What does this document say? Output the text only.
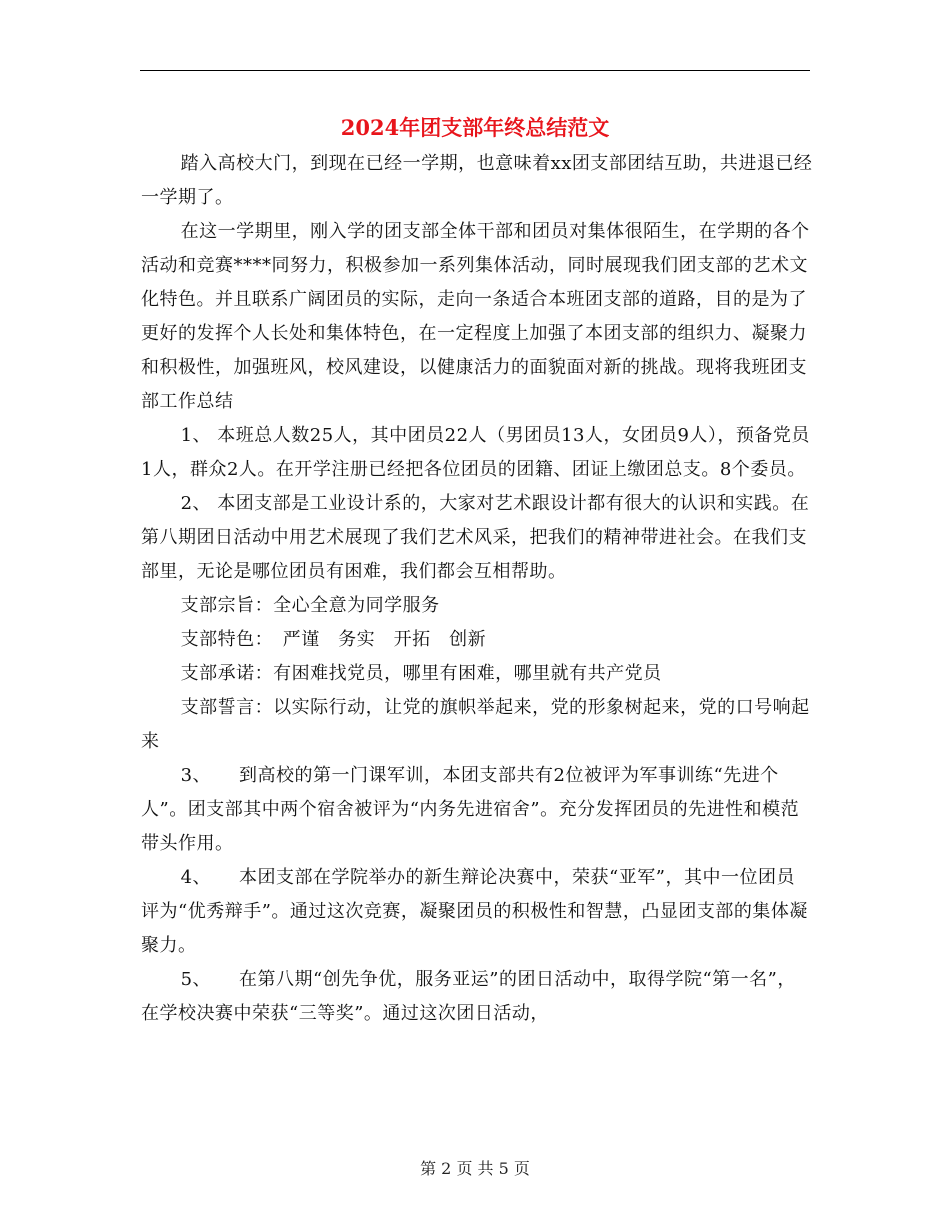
2024年团支部年终总结范文

踏入高校大门，到现在已经一学期，也意味着xx团支部团结互助，共进退已经一学期了。

在这一学期里，刚入学的团支部全体干部和团员对集体很陌生，在学期的各个活动和竞赛****同努力，积极参加一系列集体活动，同时展现我们团支部的艺术文化特色。并且联系广阔团员的实际，走向一条适合本班团支部的道路，目的是为了更好的发挥个人长处和集体特色，在一定程度上加强了本团支部的组织力、凝聚力和积极性，加强班风，校风建设，以健康活力的面貌面对新的挑战。现将我班团支部工作总结

1、 本班总人数25人，其中团员22人（男团员13人，女团员9人），预备党员1人，群众2人。在开学注册已经把各位团员的团籍、团证上缴团总支。8个委员。

2、 本团支部是工业设计系的，大家对艺术跟设计都有很大的认识和实践。在第八期团日活动中用艺术展现了我们艺术风采，把我们的精神带进社会。在我们支部里，无论是哪位团员有困难，我们都会互相帮助。

支部宗旨：全心全意为同学服务

支部特色：　严谨　务实　开拓　创新

支部承诺：有困难找党员，哪里有困难，哪里就有共产党员

支部誓言：以实际行动，让党的旗帜举起来，党的形象树起来，党的口号响起来

3、　　到高校的第一门课军训，本团支部共有2位被评为军事训练“先进个人”。团支部其中两个宿舍被评为“内务先进宿舍”。充分发挥团员的先进性和模范带头作用。

4、　　本团支部在学院举办的新生辩论决赛中，荣获“亚军”，其中一位团员评为“优秀辩手”。通过这次竞赛，凝聚团员的积极性和智慧，凸显团支部的集体凝聚力。

5、　　在第八期“创先争优，服务亚运”的团日活动中，取得学院“第一名”，在学校决赛中荣获“三等奖”。通过这次团日活动，

第 2 页 共 5 页
